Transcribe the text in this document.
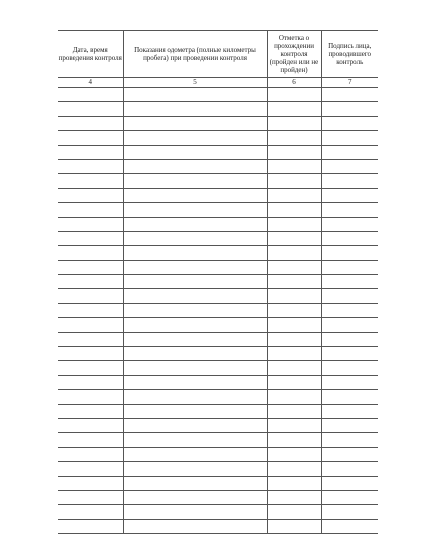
Дата, время проведения контроля	Показания одометра (полные километры пробега) при проведении контроля	Отметка о прохождении контроля (пройден или не пройден)	Подпись лица, проводившего контроль
4	5	6	7
